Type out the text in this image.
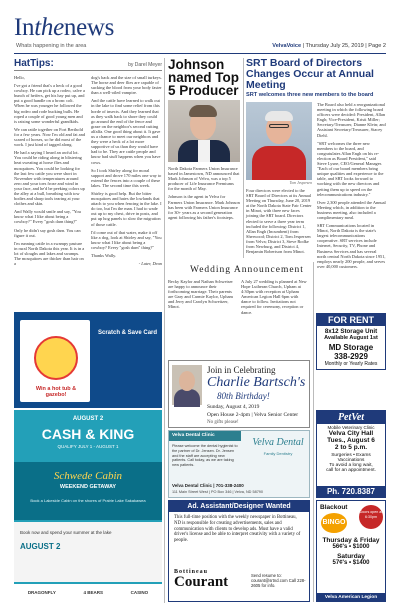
Inthenews
Whats happening in the area	VelvaVoice | Thursday July 25, 2019 | Page 2
HatTips:	by Darel Meyer

Hello,

I've got a friend that's a heck of a good cowboy. He can pick up a rodeo, calve a bunch of heifers, get his hay put up, and put a good handle on a bronc colt. When he was younger he followed the big rodeo and rode bucking bulls. He roped a couple of good young men and is raising some wonderful grandkids.

We can rattle together on Fort Berthold for a few years. Now I'm old and fat and scared of horses, so he did most of the work. I just kind of tagged along.

He had a saying I heard an awful lot. You could be riding along in blistering heat sweating at horse flies and mosquitoes. You could be looking for the last few cattle you were short in November with temperatures around zero and your toes froze and wind in your face, and he'd be peeking colors up the alley at a bull, breathing with tow bodies and sharp tools tearing at your clothes and skin.

And Wally would smile and say, "You know what I like about being a cowboy?" Every "gosh darn thing?"

Only he didn't say gosh darn. You can figure it out.

I'm running cattle in a swampy pasture in rural North Dakota this year. It is in a lot of sloughs and lakes and swamps. The mosquitoes are thicker than hair on a

dog's back and the size of small turkeys. The horse and deer flies are capable of sucking the blood from your body faster than a well-oiled vampire.

And the cattle have learned to walk out in the lake to find some relief from this horde of insects. And they learned that as they walk back to shore they could go around the end of the fence and graze on the neighbor's second cutting alfalfa. One good thing about it. It gave us a chance to meet our neighbors and they were a heck of a lot more supportive of us than they would have had to be. They are cattle people and know bad stuff happens when you have cows.

So I took Shirley along for moral support and drove 170 miles one way to extend the fences into a couple of these lakes. The second time this week.

Shirley is good help. But the bitter mosquitoes and hates the lowlands that attach to you when fencing in the lake. I do too, but I'm the man. I had to wade out up to my chest, drive in posts, and put up hog panels to slow the migration of those cattle.

I'd come out of that water, make it off like a dog, look at Shirley and say, "You know what I like about being a cowboy? Every "gosh darn" thing?"

Thanks Wally.

- Later, Dean

Johnson named Top 5 Producer

North Dakota Farmers Union Insurance based in Jamestown, ND announced that Mark Johnson of Velva, was a top 5 producer of Life Insurance Premiums for the month of May.

Johnson is the agent in Velva for Farmers Union Insurance. Mark Johnson has been with Farmers Union Insurance for 30+ years as a second generation agent following his father's footsteps.

SRT Board of Directors Changes Occur at Annual Meeting
SRT welcomes three new members to the board
Tom Jespersen

Four directors were elected to the SRT Board of Directors at its Annual Meeting on Thursday, June 20, 2019 at the North Dakota State Fair Center in Minot, with three new faces joining the SRT board. Directors elected to serve a three year term included the following: District 1, Allan Engh (Incumbent) from Sherwood; District 2, Tom Jespersen from Velva; District 3, Steve Rodke from Newburg, and District 4, Benjamin Robertson from Minot.

The Board also held a reorganizational meeting in which the following board officers were decided: President, Allan Engh; Vice-President, Kristi Miller; Secretary/Treasurer, Dianne Klein; and Assistant Secretary/Treasurer, Stacey Diehl.

"SRT welcomes the three new members to the board, and congratulates Allan Engh on his re-election as Board President," said Steve Lysne, CEO/General Manager. "Each of our board members bring unique qualities and experience to the table, and SRT looks forward to working with the new directors and getting them up to speed on the telecommunications industry."

Over 2,300 people attended the Annual Meeting which, in addition to the business meeting, also included a complimentary meal.

SRT Communications located in Minot, North Dakota is the state's largest telecommunications cooperative. SRT services include Internet, Security, TV, Phone and Business Services and has several north central North Dakota since 1951, employs nearly 200 people, and serves over 40,000 customers.

Wedding Announcement
Becky Kaylor and Nathan Schweiser are happy to announce their forthcoming marriage. Their parents are Gary and Carmie Kaylor, Upham and Jerry and Carolyn Schweitzer, Minot.
A July 27 wedding is planned at New Hope Lutheran Church, Upham at 4:30pm with reception at Upham American Legion Hall 6pm with dance to follow. Invitations not required for ceremony, reception or dance.
FOR RENT
8x12 Storage Unit
Available August 1st
MD Storage
338-2929
Monthly or Yearly Rates
Win a hot tub & gazebo!
Scratch & Save Card
AUGUST 2
CASH & KING
QUALIFY JULY 1 - AUGUST 1
Schwede Cabin
WEEKEND GETAWAY
Book a Lakeside Cabin on the shores of Prairie Lake Sakakawea
Book now and spend your summer at the lake
AUGUST 2
DRAGONFLY	4 BEARS	CASINO
Join in Celebrating
Charlie Bartsch's
80th Birthday!
Sunday, August 4, 2019
Open House 2-4pm | Velva Senior Center
No gifts please!
Velva Dental Clinic
Please welcome the dental hygienist to the partner of Dr. Jensen. Dr. Jensen and the staff are accepting new patients. Call today, as we are taking new patients.
Velva Dental
Family Dentistry
Velva Dental Clinic | 701-338-2400
111 Main Street West | PO Box 346 | Velva, ND 58790
Ad. Assistant/Designer Wanted
This full-time position with the weekly newspaper in Bottineau, ND is responsible for creating advertisements, sales and communication with clients to develop ads. Must have a valid driver's license and be able to interpret creativity with a variety of people.
Bottineau
Courant	Send resume to: courant@srtnd.com Call 228-2605 for info.
PetVet
Mobile Veterinary Clinic
Velva City Hall
Tues., August 6
2 to 5 p.m.
Surgeries • Exams
Vaccinations
To avoid a long wait,
call for an appointment.
Ph. 720.8387
Blackout
BINGO
Doors open at 6:30pm
Thursday & Friday
56¢'s • $1000
Saturday
57¢'s • $1400
Velva American Legion
